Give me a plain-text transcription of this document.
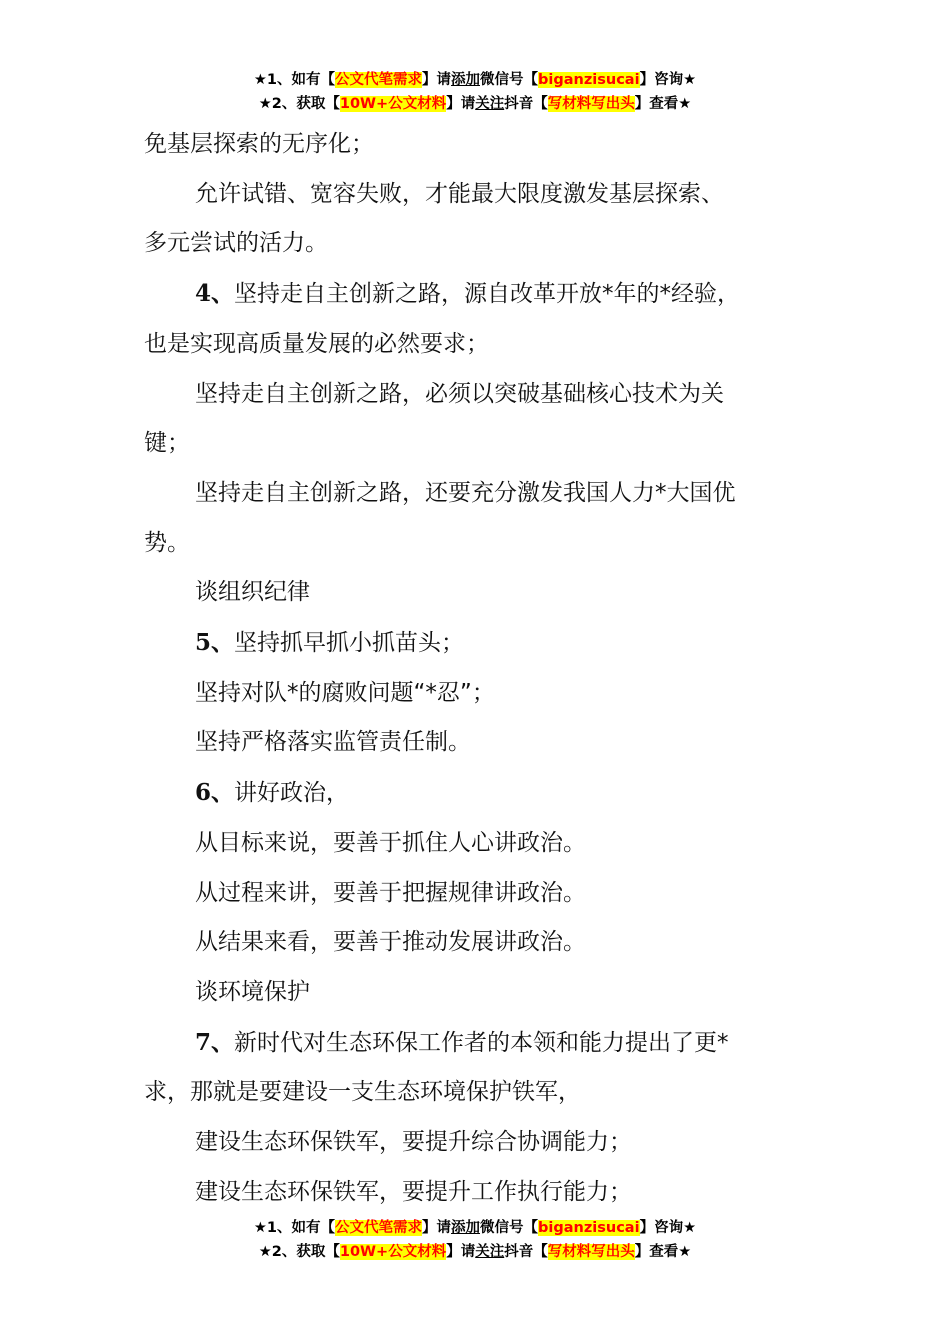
★1、如有【公文代笔需求】请添加微信号【biganzisucai】咨询★
★2、获取【10W+公文材料】请关注抖音【写材料写出头】查看★

免基层探索的无序化；

允许试错、宽容失败，才能最大限度激发基层探索、

多元尝试的活力。

4、坚持走自主创新之路，源自改革开放*年的*经验，

也是实现高质量发展的必然要求；

坚持走自主创新之路，必须以突破基础核心技术为关

键；

坚持走自主创新之路，还要充分激发我国人力*大国优

势。

谈组织纪律

5、坚持抓早抓小抓苗头；

坚持对队*的腐败问题“*忍”；

坚持严格落实监管责任制。

6、讲好政治，

从目标来说，要善于抓住人心讲政治。

从过程来讲，要善于把握规律讲政治。

从结果来看，要善于推动发展讲政治。

谈环境保护

7、新时代对生态环保工作者的本领和能力提出了更*

求，那就是要建设一支生态环境保护铁军，

建设生态环保铁军，要提升综合协调能力；

建设生态环保铁军，要提升工作执行能力；

★1、如有【公文代笔需求】请添加微信号【biganzisucai】咨询★
★2、获取【10W+公文材料】请关注抖音【写材料写出头】查看★
